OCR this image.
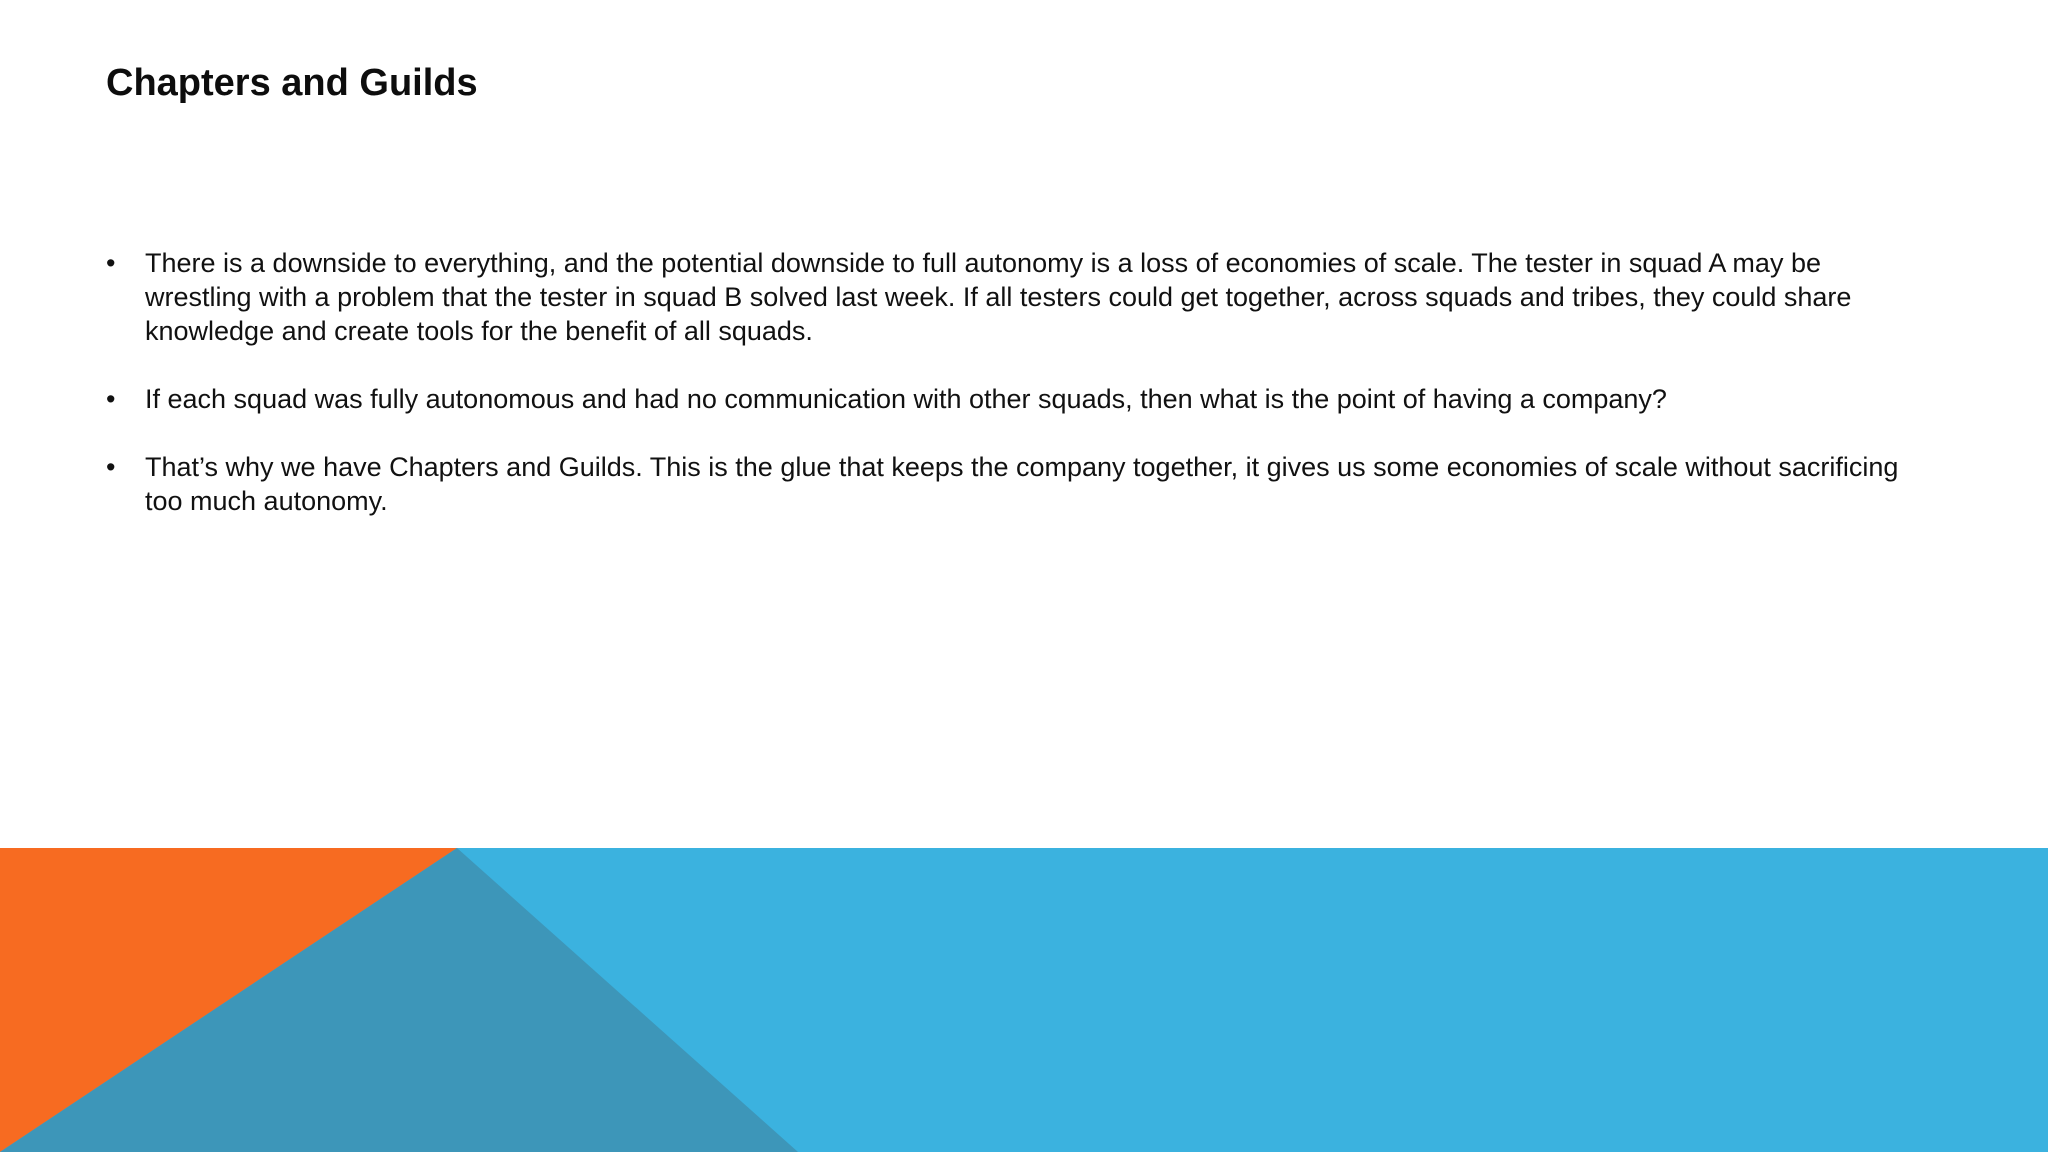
Chapters and Guilds
•	There is a downside to everything, and the potential downside to full autonomy is a loss of economies of scale. The tester in squad A may be wrestling with a problem that the tester in squad B solved last week. If all testers could get together, across squads and tribes, they could share knowledge and create tools for the benefit of all squads.
•	If each squad was fully autonomous and had no communication with other squads, then what is the point of having a company?
•	That’s why we have Chapters and Guilds. This is the glue that keeps the company together, it gives us some economies of scale without sacrificing too much autonomy.
